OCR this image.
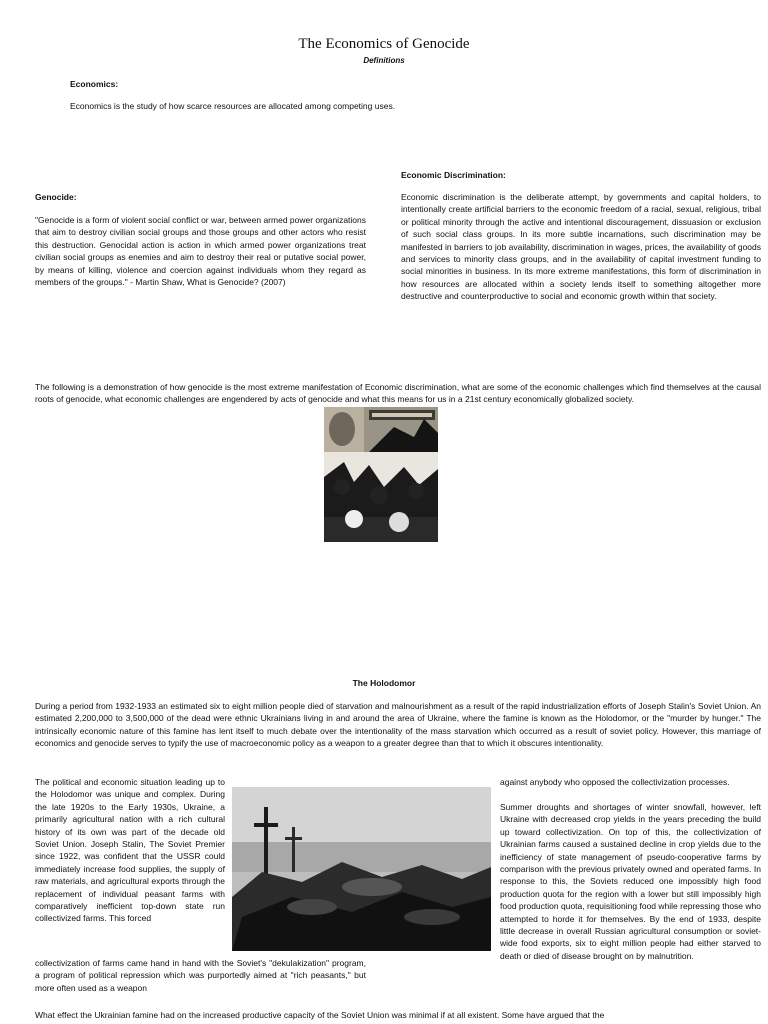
The Economics of Genocide
Definitions
Economics:
Economics is the study of how scarce resources are allocated among competing uses.
Economic Discrimination:
Economic discrimination is the deliberate attempt, by governments and capital holders, to intentionally create artificial barriers to the economic freedom of a racial, sexual, religious, tribal or political minority through the active and intentional discouragement, dissuasion or exclusion of such social class groups. In its more subtle incarnations, such discrimination may be manifested in barriers to job availability, discrimination in wages, prices, the availability of goods and services to minority class groups, and in the availability of capital investment funding to social minorities in business. In its more extreme manifestations, this form of discrimination in how resources are allocated within a society lends itself to something altogether more destructive and counterproductive to social and economic growth within that society.
Genocide:
"Genocide is a form of violent social conflict or war, between armed power organizations that aim to destroy civilian social groups and those groups and other actors who resist this destruction. Genocidal action is action in which armed power organizations treat civilian social groups as enemies and aim to destroy their real or putative social power, by means of killing, violence and coercion against individuals whom they regard as members of the groups." - Martin Shaw, What is Genocide? (2007)
The following is a demonstration of how genocide is the most extreme manifestation of Economic discrimination, what are some of the economic challenges which find themselves at the causal roots of genocide, what economic challenges are engendered by acts of genocide and what this means for us in a 21st century economically globalized society.
The Holodomor
During a period from 1932-1933 an estimated six to eight million people died of starvation and malnourishment as a result of the rapid industrialization efforts of Joseph Stalin's Soviet Union. An estimated 2,200,000 to 3,500,000 of the dead were ethnic Ukrainians living in and around the area of Ukraine, where the famine is known as the Holodomor, or the "murder by hunger." The intrinsically economic nature of this famine has lent itself to much debate over the intentionality of the mass starvation which occurred as a result of soviet policy. However, this marriage of economics and genocide serves to typify the use of macroeconomic policy as a weapon to a greater degree than that to which it obscures intentionality.
The political and economic situation leading up to the Holodomor was unique and complex. During the late 1920s to the Early 1930s, Ukraine, a primarily agricultural nation with a rich cultural history of its own was part of the decade old Soviet Union. Joseph Stalin, The Soviet Premier since 1922, was confident that the USSR could immediately increase food supplies, the supply of raw materials, and agricultural exports through the replacement of individual peasant farms with comparatively inefficient top-down state run collectivized farms. This forced
against anybody who opposed the collectivization processes.
Summer droughts and shortages of winter snowfall, however, left Ukraine with decreased crop yields in the years preceding the build up toward collectivization. On top of this, the collectivization of Ukrainian farms caused a sustained decline in crop yields due to the inefficiency of state management of pseudo-cooperative farms by comparison with the previous privately owned and operated farms. In response to this, the Soviets reduced one impossibly high food production quota for the region with a lower but still impossibly high food production quota, requisitioning food while repressing those who attempted to horde it for themselves. By the end of 1933, despite little decrease in overall Russian agricultural consumption or soviet-wide food exports, six to eight million people had either starved to death or died of disease brought on by malnutrition.
collectivization of farms came hand in hand with the Soviet's "dekulakization" program, a program of political repression which was purportedly aimed at "rich peasants," but more often used as a weapon
What effect the Ukrainian famine had on the increased productive capacity of the Soviet Union was minimal if at all existent. Some have argued that the
